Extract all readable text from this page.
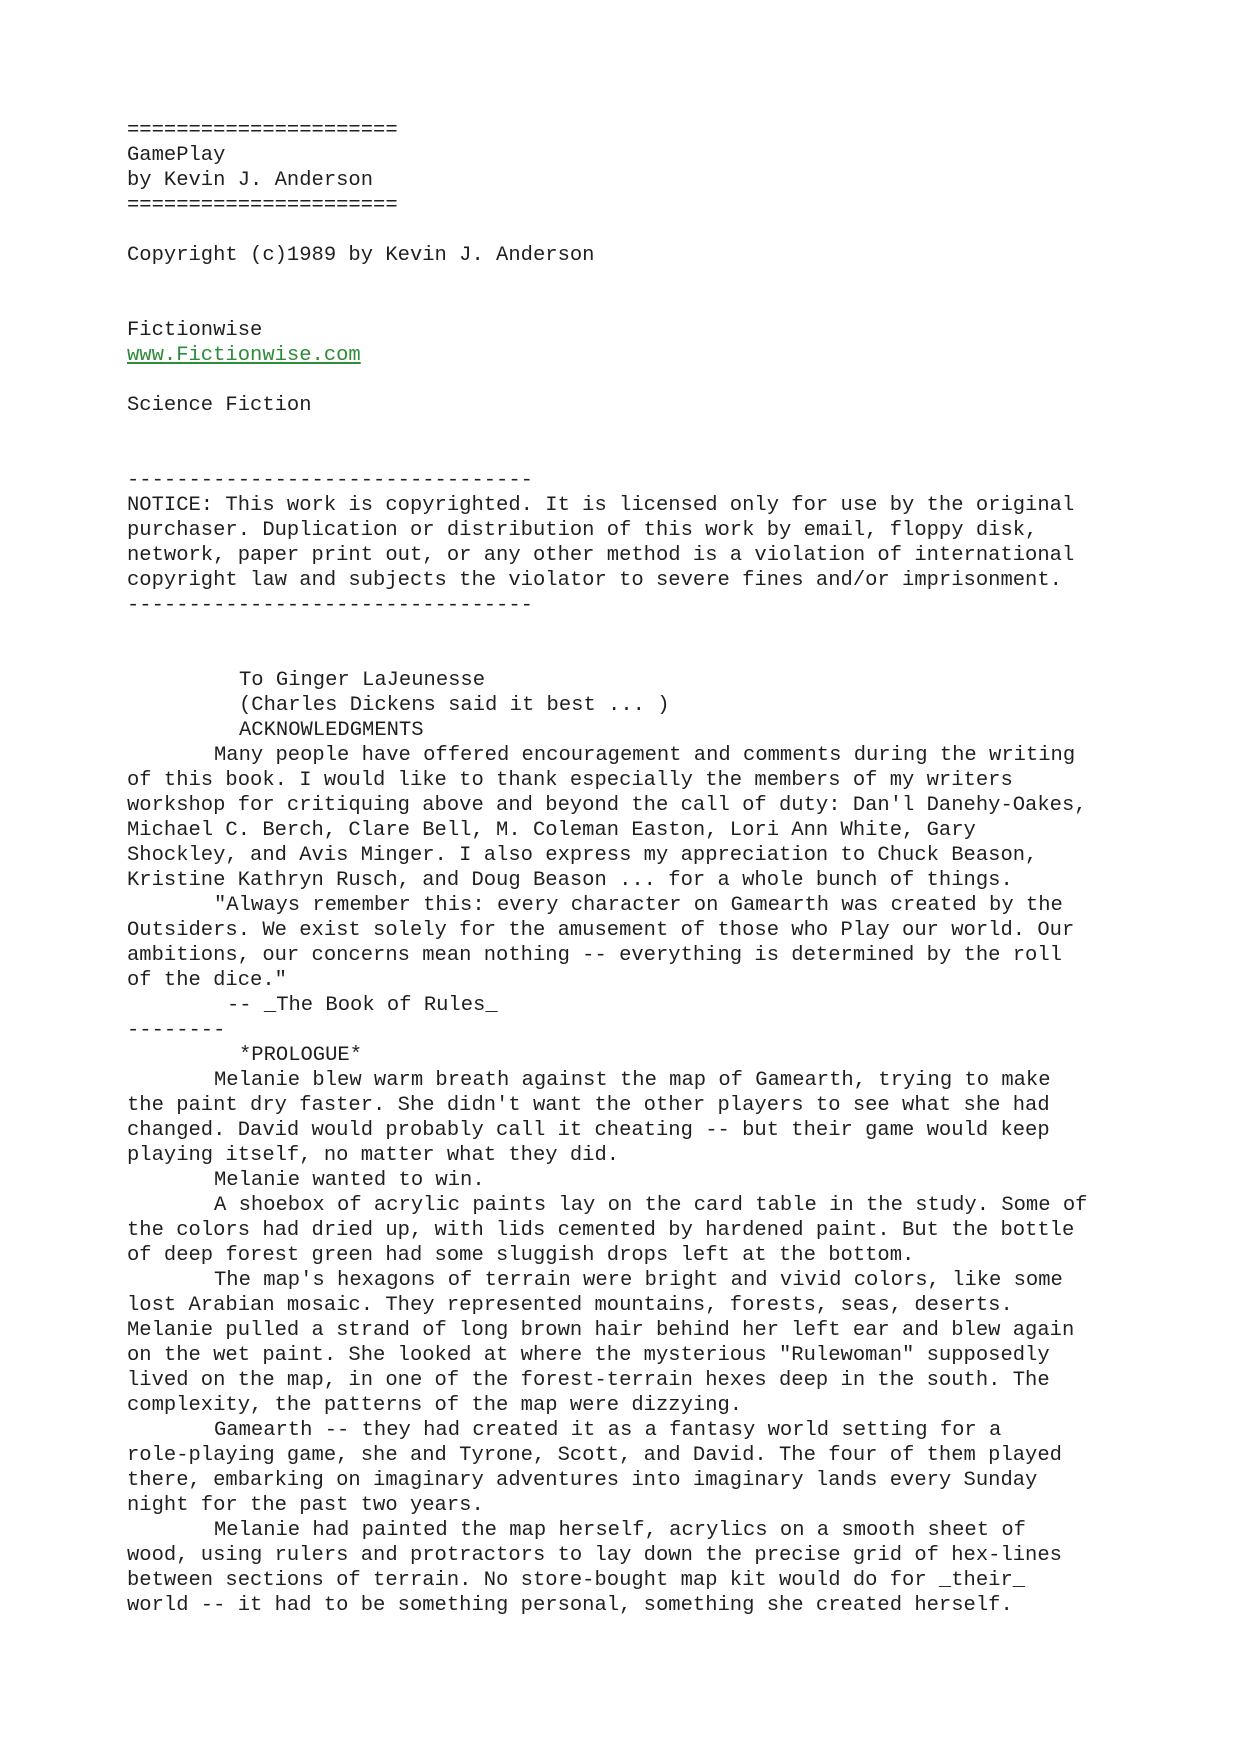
======================
GamePlay
by Kevin J. Anderson
======================
Copyright (c)1989 by Kevin J. Anderson
Fictionwise
www.Fictionwise.com
Science Fiction
---------------------------------
NOTICE: This work is copyrighted. It is licensed only for use by the original
purchaser. Duplication or distribution of this work by email, floppy disk,
network, paper print out, or any other method is a violation of international
copyright law and subjects the violator to severe fines and/or imprisonment.
---------------------------------
To Ginger LaJeunesse
(Charles Dickens said it best ... )
ACKNOWLEDGMENTS
Many people have offered encouragement and comments during the writing
of this book. I would like to thank especially the members of my writers
workshop for critiquing above and beyond the call of duty: Dan'l Danehy-Oakes,
Michael C. Berch, Clare Bell, M. Coleman Easton, Lori Ann White, Gary
Shockley, and Avis Minger. I also express my appreciation to Chuck Beason,
Kristine Kathryn Rusch, and Doug Beason ... for a whole bunch of things.
"Always remember this: every character on Gamearth was created by the
Outsiders. We exist solely for the amusement of those who Play our world. Our
ambitions, our concerns mean nothing -- everything is determined by the roll
of the dice."
-- _The Book of Rules_
--------
*PROLOGUE*
Melanie blew warm breath against the map of Gamearth, trying to make
the paint dry faster. She didn't want the other players to see what she had
changed. David would probably call it cheating -- but their game would keep
playing itself, no matter what they did.
Melanie wanted to win.
A shoebox of acrylic paints lay on the card table in the study. Some of
the colors had dried up, with lids cemented by hardened paint. But the bottle
of deep forest green had some sluggish drops left at the bottom.
The map's hexagons of terrain were bright and vivid colors, like some
lost Arabian mosaic. They represented mountains, forests, seas, deserts.
Melanie pulled a strand of long brown hair behind her left ear and blew again
on the wet paint. She looked at where the mysterious "Rulewoman" supposedly
lived on the map, in one of the forest-terrain hexes deep in the south. The
complexity, the patterns of the map were dizzying.
Gamearth -- they had created it as a fantasy world setting for a
role-playing game, she and Tyrone, Scott, and David. The four of them played
there, embarking on imaginary adventures into imaginary lands every Sunday
night for the past two years.
Melanie had painted the map herself, acrylics on a smooth sheet of
wood, using rulers and protractors to lay down the precise grid of hex-lines
between sections of terrain. No store-bought map kit would do for _their_
world -- it had to be something personal, something she created herself.
